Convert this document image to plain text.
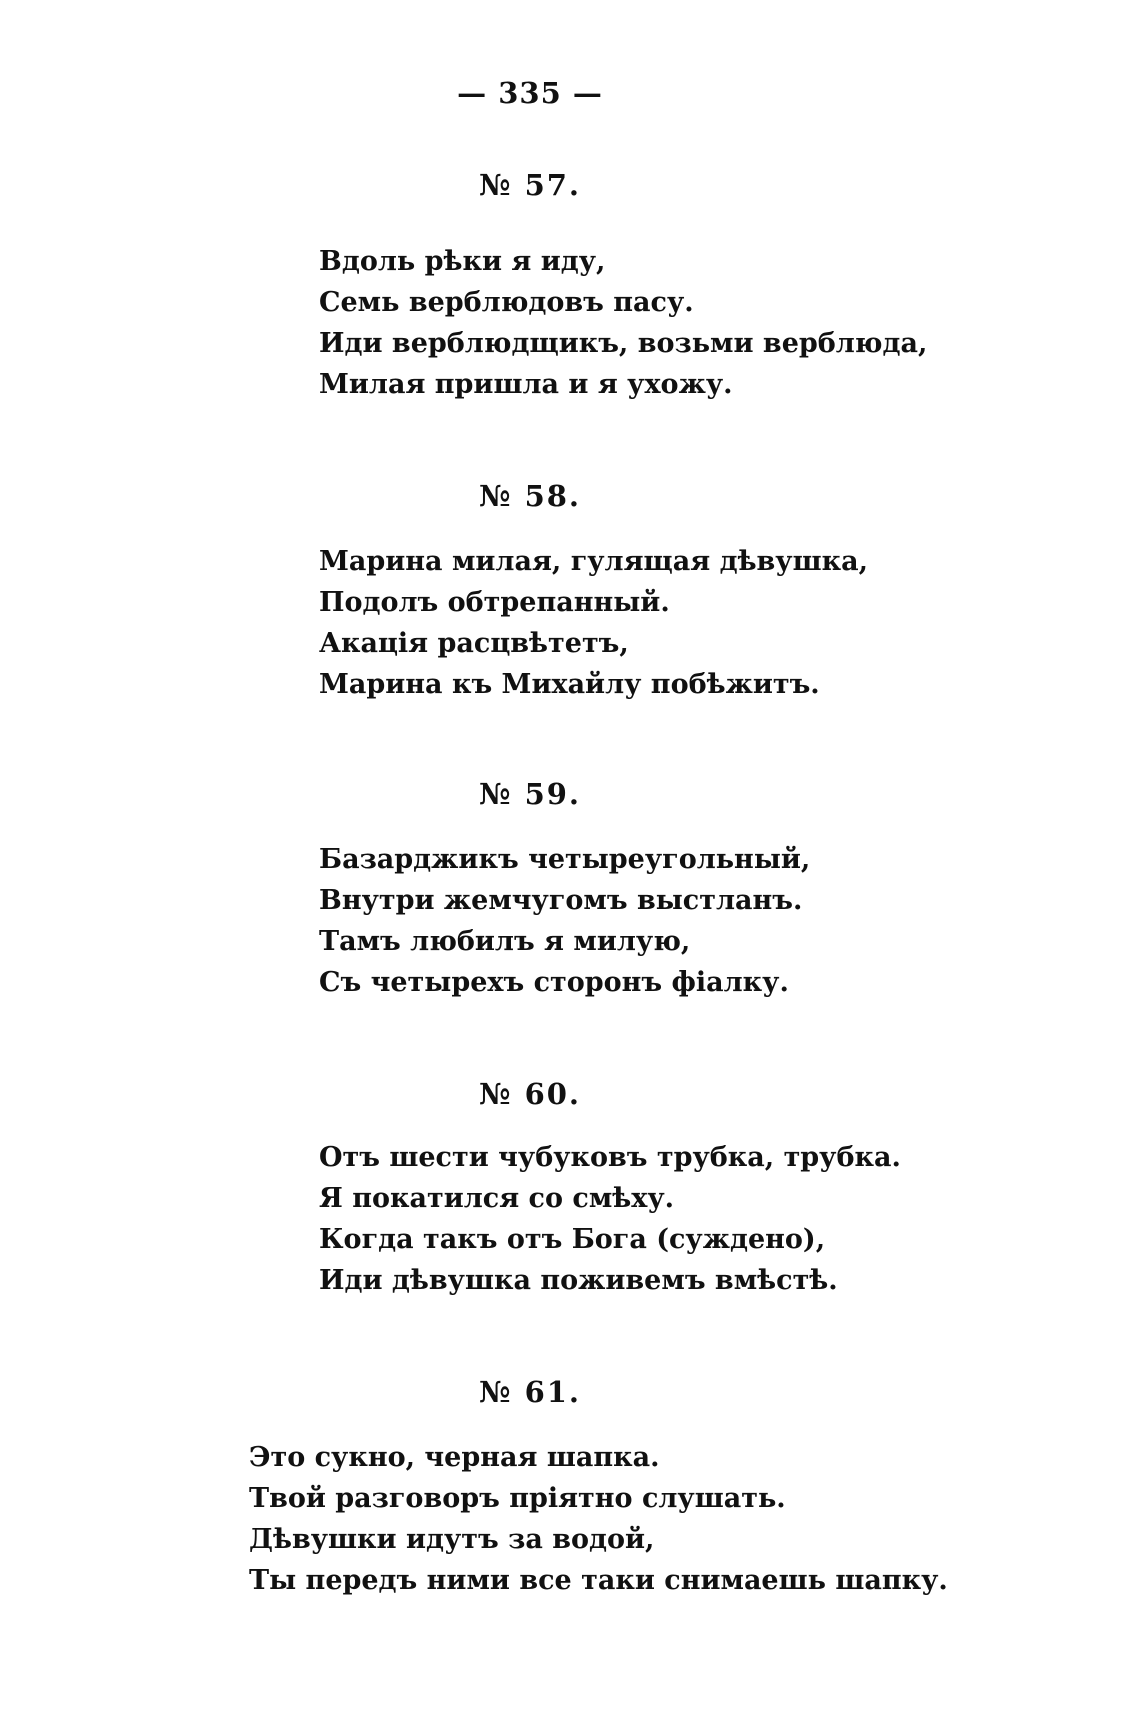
— 335 —
№ 57.
Вдоль рѣки я иду,
Семь верблюдовъ пасу.
Иди верблюдщикъ, возьми верблюда,
Милая пришла и я ухожу.
№ 58.
Марина милая, гулящая дѣвушка,
Подолъ обтрепанный.
Акація расцвѣтетъ,
Марина къ Михайлу побѣжитъ.
№ 59.
Базарджикъ четыреугольный,
Внутри жемчугомъ выстланъ.
Тамъ любилъ я милую,
Съ четырехъ сторонъ фіалку.
№ 60.
Отъ шести чубуковъ трубка, трубка.
Я покатился со смѣху.
Когда такъ отъ Бога (суждено),
Иди дѣвушка поживемъ вмѣстѣ.
№ 61.
Это сукно, черная шапка.
Твой разговоръ пріятно слушать.
Дѣвушки идутъ за водой,
Ты передъ ними все таки снимаешь шапку.
